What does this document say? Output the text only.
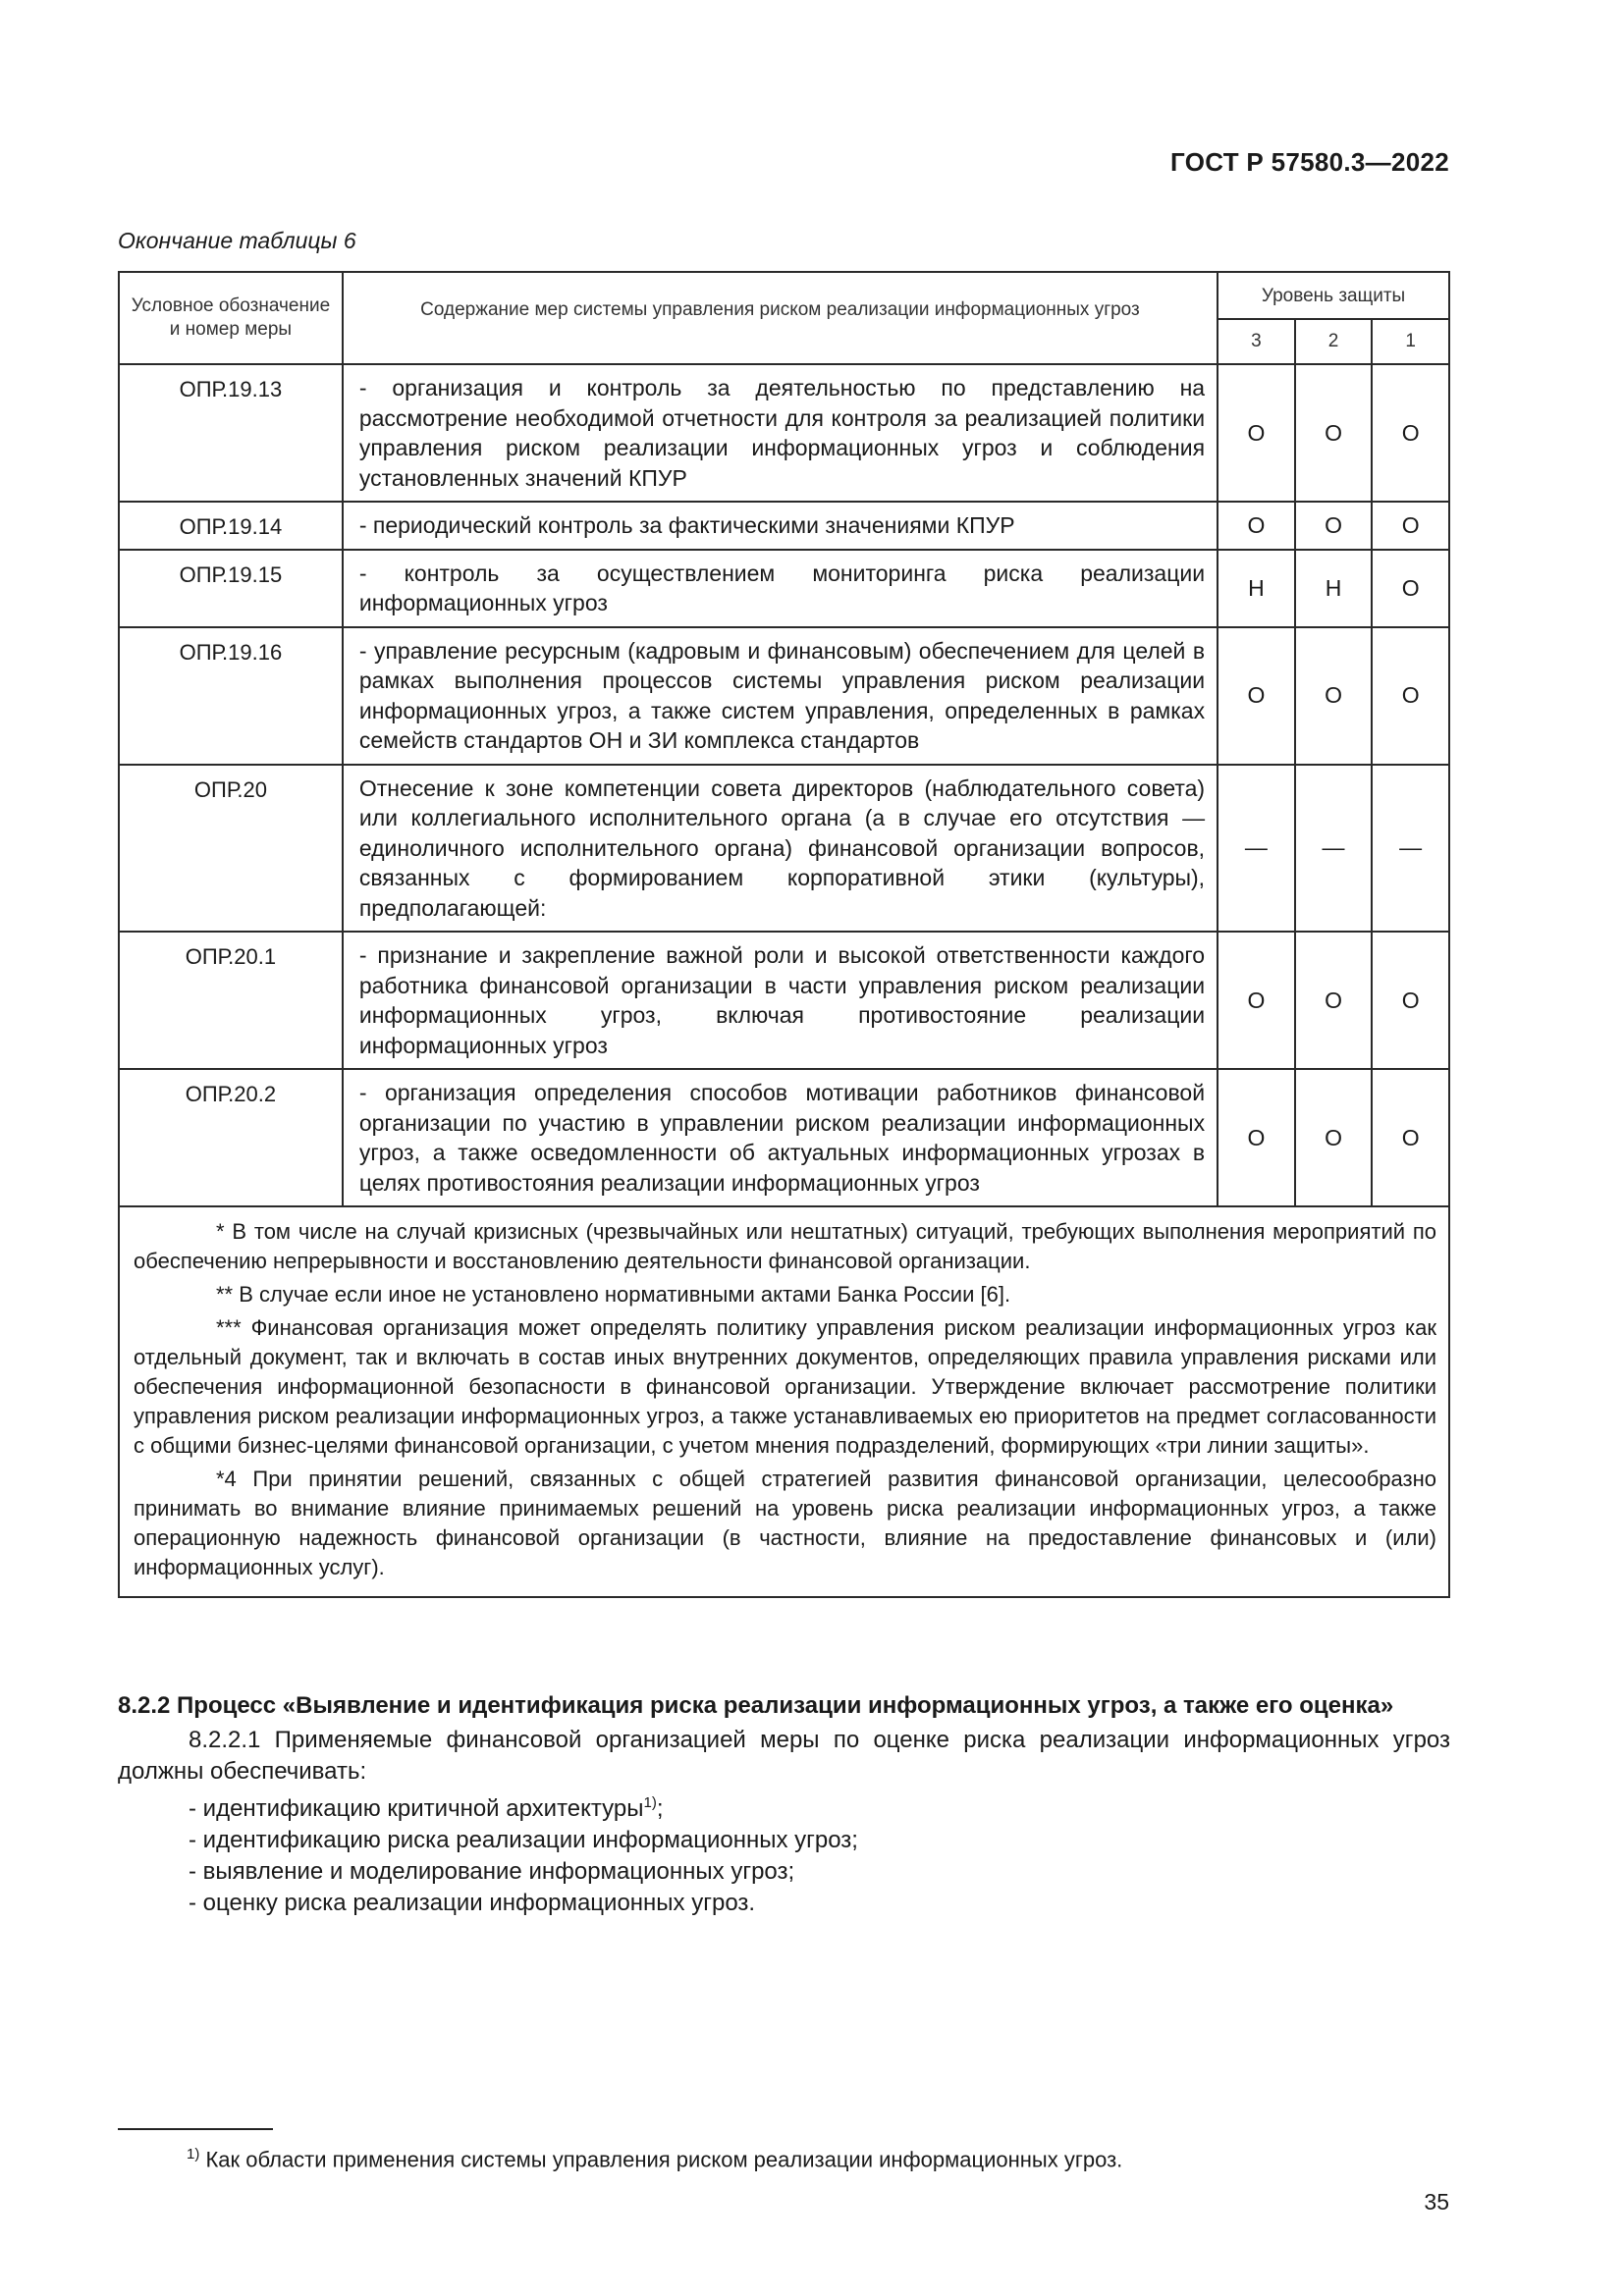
ГОСТ Р 57580.3—2022
Окончание таблицы 6
Условное обозначение и номер меры	Содержание мер системы управления риском реализации информационных угроз	Уровень защиты		
		3	2	1
ОПР.19.13	- организация и контроль за деятельностью по представлению на рассмотрение необходимой отчетности для контроля за реализацией политики управления риском реализации информационных угроз и соблюдения установленных значений КПУР	О	О	О
ОПР.19.14	- периодический контроль за фактическими значениями КПУР	О	О	О
ОПР.19.15	- контроль за осуществлением мониторинга риска реализации информационных угроз	Н	Н	О
ОПР.19.16	- управление ресурсным (кадровым и финансовым) обеспечением для целей в рамках выполнения процессов системы управления риском реализации информационных угроз, а также систем управления, определенных в рамках семейств стандартов ОН и ЗИ комплекса стандартов	О	О	О
ОПР.20	Отнесение к зоне компетенции совета директоров (наблюдательного совета) или коллегиального исполнительного органа (а в случае его отсутствия — единоличного исполнительного органа) финансовой организации вопросов, связанных с формированием корпоративной этики (культуры), предполагающей:	—	—	—
ОПР.20.1	- признание и закрепление важной роли и высокой ответственности каждого работника финансовой организации в части управления риском реализации информационных угроз, включая противостояние реализации информационных угроз	О	О	О
ОПР.20.2	- организация определения способов мотивации работников финансовой организации по участию в управлении риском реализации информационных угроз, а также осведомленности об актуальных информационных угрозах в целях противостояния реализации информационных угроз	О	О	О

* В том числе на случай кризисных (чрезвычайных или нештатных) ситуаций, требующих выполнения мероприятий по обеспечению непрерывности и восстановлению деятельности финансовой организации.

** В случае если иное не установлено нормативными актами Банка России [6].

*** Финансовая организация может определять политику управления риском реализации информационных угроз как отдельный документ, так и включать в состав иных внутренних документов, определяющих правила управления рисками или обеспечения информационной безопасности в финансовой организации. Утверждение включает рассмотрение политики управления риском реализации информационных угроз, а также устанавливаемых ею приоритетов на предмет согласованности с общими бизнес-целями финансовой организации, с учетом мнения подразделений, формирующих «три линии защиты».

*4 При принятии решений, связанных с общей стратегией развития финансовой организации, целесообразно принимать во внимание влияние принимаемых решений на уровень риска реализации информационных угроз, а также операционную надежность финансовой организации (в частности, влияние на предоставление финансовых и (или) информационных услуг).				

8.2.2 Процесс «Выявление и идентификация риска реализации информационных угроз, а также его оценка»

8.2.2.1 Применяемые финансовой организацией меры по оценке риска реализации информационных угроз должны обеспечивать:

- идентификацию критичной архитектуры$^{1)}$;
- идентификацию риска реализации информационных угроз;
- выявление и моделирование информационных угроз;
- оценку риска реализации информационных угроз.
$^{1)}$ Как области применения системы управления риском реализации информационных угроз.
35
